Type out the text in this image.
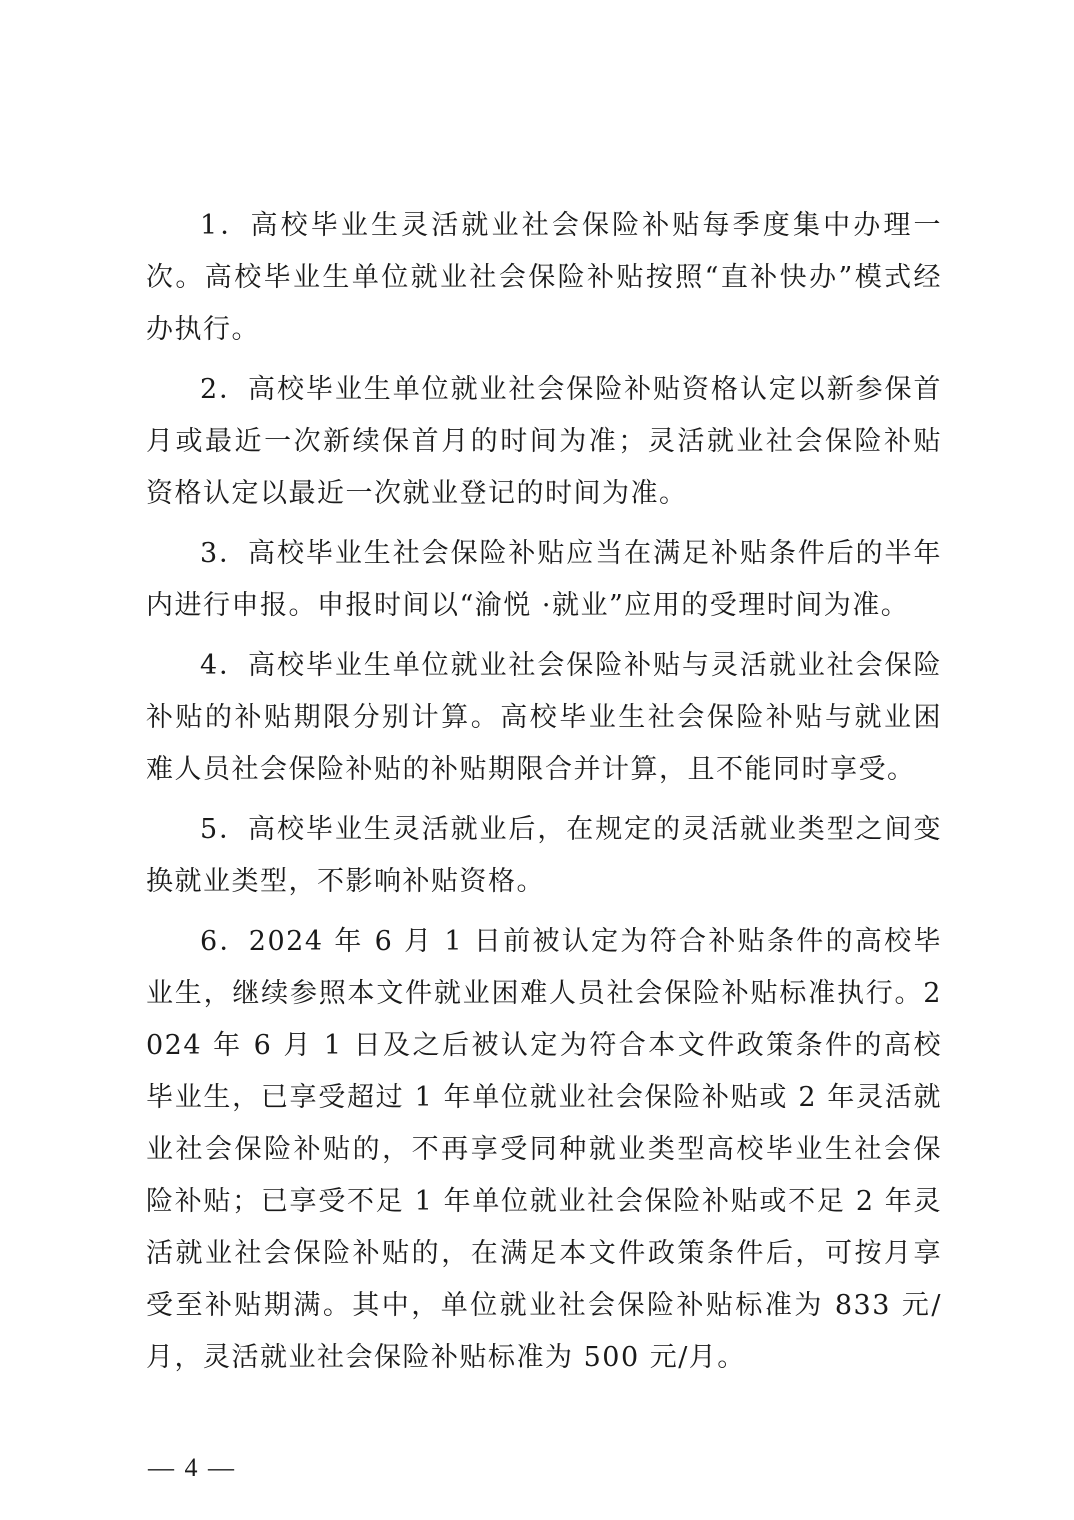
1．高校毕业生灵活就业社会保险补贴每季度集中办理一次。高校毕业生单位就业社会保险补贴按照“直补快办”模式经办执行。

2．高校毕业生单位就业社会保险补贴资格认定以新参保首月或最近一次新续保首月的时间为准；灵活就业社会保险补贴资格认定以最近一次就业登记的时间为准。

3．高校毕业生社会保险补贴应当在满足补贴条件后的半年内进行申报。申报时间以“渝悦 ·就业”应用的受理时间为准。

4．高校毕业生单位就业社会保险补贴与灵活就业社会保险补贴的补贴期限分别计算。高校毕业生社会保险补贴与就业困难人员社会保险补贴的补贴期限合并计算，且不能同时享受。

5．高校毕业生灵活就业后，在规定的灵活就业类型之间变换就业类型，不影响补贴资格。

6．2024 年 6 月 1 日前被认定为符合补贴条件的高校毕业生，继续参照本文件就业困难人员社会保险补贴标准执行。2024 年 6 月 1 日及之后被认定为符合本文件政策条件的高校毕业生，已享受超过 1 年单位就业社会保险补贴或 2 年灵活就业社会保险补贴的，不再享受同种就业类型高校毕业生社会保险补贴；已享受不足 1 年单位就业社会保险补贴或不足 2 年灵活就业社会保险补贴的，在满足本文件政策条件后，可按月享受至补贴期满。其中，单位就业社会保险补贴标准为 833 元/月，灵活就业社会保险补贴标准为 500 元/月。

— 4 —
